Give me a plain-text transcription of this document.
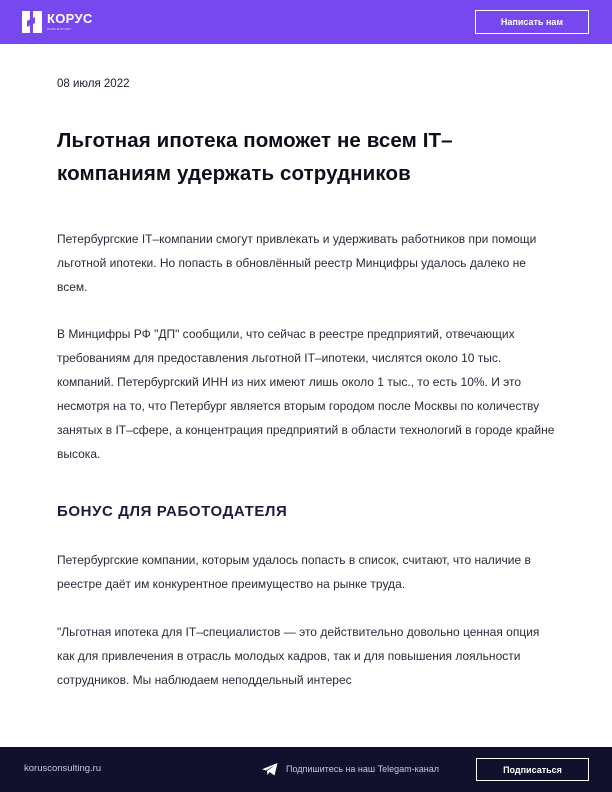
КОРУС
консалтинг
Написать нам
08 июля 2022
Льготная ипотека поможет не всем IT–компаниям удержать сотрудников

Петербургские IT–компании смогут привлекать и удерживать работников при помощи льготной ипотеки. Но попасть в обновлённый реестр Минцифры удалось далеко не всем.

В Минцифры РФ "ДП" сообщили, что сейчас в реестре предприятий, отвечающих требованиям для предоставления льготной IT–ипотеки, числятся около 10 тыс. компаний. Петербургский ИНН из них имеют лишь около 1 тыс., то есть 10%. И это несмотря на то, что Петербург является вторым городом после Москвы по количеству занятых в IT–сфере, а концентрация предприятий в области технологий в городе крайне высока.

БОНУС ДЛЯ РАБОТОДАТЕЛЯ

Петербургские компании, которым удалось попасть в список, считают, что наличие в реестре даёт им конкурентное преимущество на рынке труда.

"Льготная ипотека для IT–специалистов — это действительно довольно ценная опция как для привлечения в отрасль молодых кадров, так и для повышения лояльности сотрудников. Мы наблюдаем неподдельный интерес

korusconsulting.ru	Подпишитесь на наш Telegam-канал	Подписаться
